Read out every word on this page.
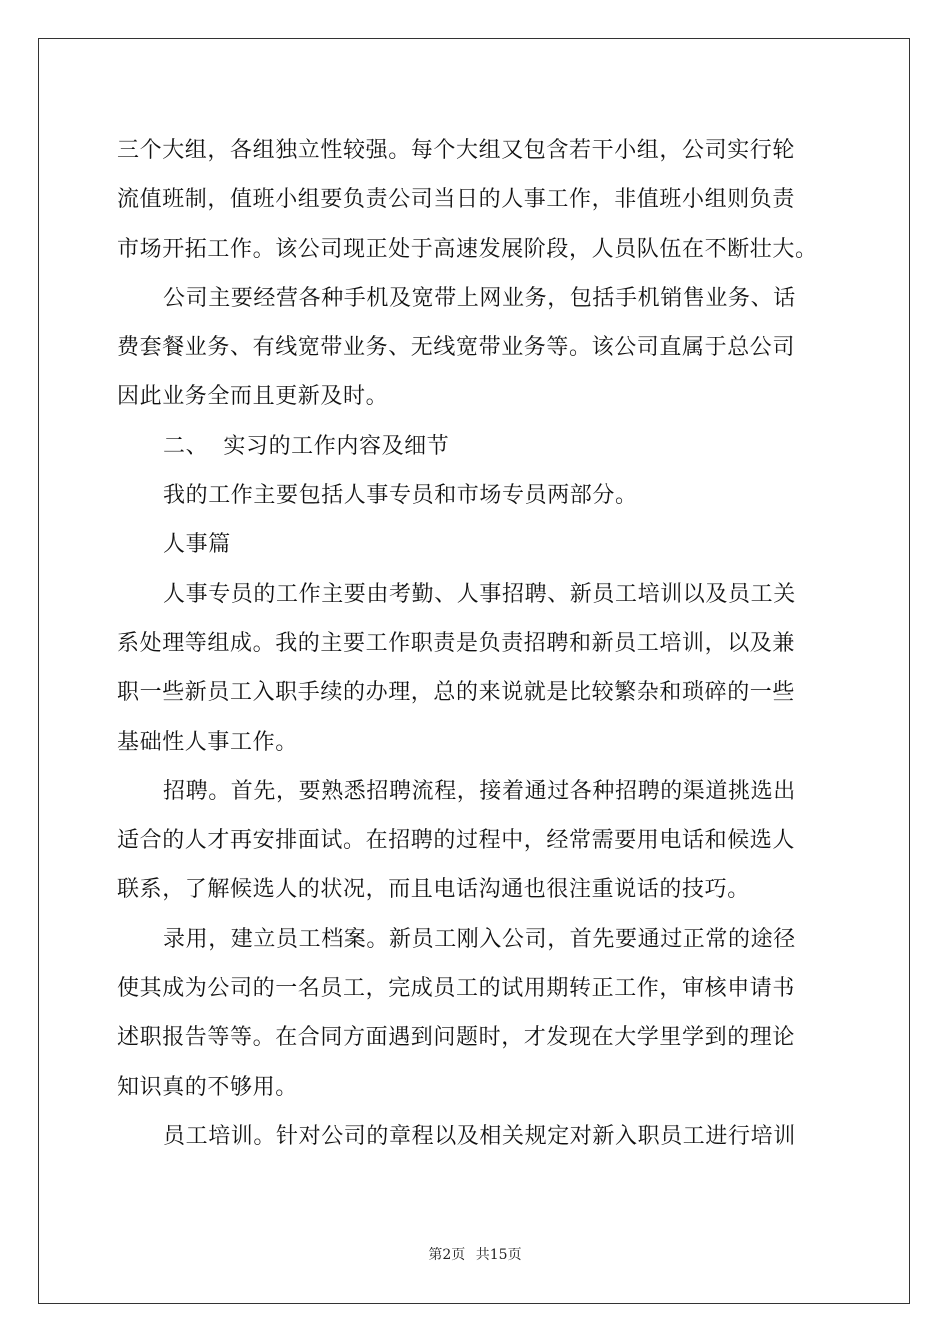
三个大组，各组独立性较强。每个大组又包含若干小组，公司实行轮
流值班制，值班小组要负责公司当日的人事工作，非值班小组则负责
市场开拓工作。该公司现正处于高速发展阶段，人员队伍在不断壮大。
公司主要经营各种手机及宽带上网业务，包括手机销售业务、话
费套餐业务、有线宽带业务、无线宽带业务等。该公司直属于总公司
因此业务全而且更新及时。
二、  实习的工作内容及细节
我的工作主要包括人事专员和市场专员两部分。
人事篇
人事专员的工作主要由考勤、人事招聘、新员工培训以及员工关
系处理等组成。我的主要工作职责是负责招聘和新员工培训，以及兼
职一些新员工入职手续的办理，总的来说就是比较繁杂和琐碎的一些
基础性人事工作。
招聘。首先，要熟悉招聘流程，接着通过各种招聘的渠道挑选出
适合的人才再安排面试。在招聘的过程中，经常需要用电话和候选人
联系，了解候选人的状况，而且电话沟通也很注重说话的技巧。
录用，建立员工档案。新员工刚入公司，首先要通过正常的途径
使其成为公司的一名员工，完成员工的试用期转正工作，审核申请书
述职报告等等。在合同方面遇到问题时，才发现在大学里学到的理论
知识真的不够用。
员工培训。针对公司的章程以及相关规定对新入职员工进行培训
第2页 共15页
